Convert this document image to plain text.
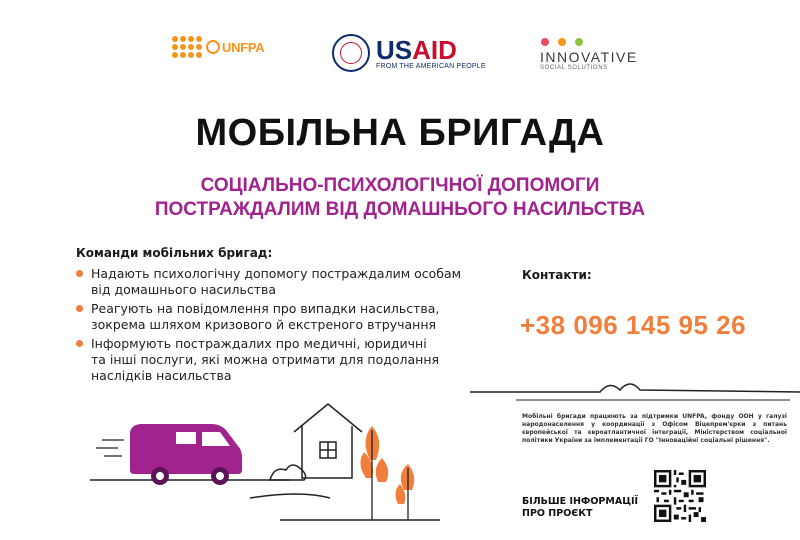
UNFPA	USAID
FROM THE AMERICAN PEOPLE
INNOVATIVE
SOCIAL SOLUTIONS
МОБІЛЬНА БРИГАДА
СОЦІАЛЬНО-ПСИХОЛОГІЧНОЇ ДОПОМОГИ
ПОСТРАЖДАЛИМ ВІД ДОМАШНЬОГО НАСИЛЬСТВА
Команди мобільних бригад:
Надають психологічну допомогу постраждалим особам
від домашнього насильства
Реагують на повідомлення про випадки насильства,
зокрема шляхом кризового й екстреного втручання
Інформують постраждалих про медичні, юридичні
та інші послуги, які можна отримати для подолання
наслідків насильства
Контакти:
+38 096 145 95 26
Мобільні бригади працюють за підтримки UNFPA, фонду ООН у галузі народонаселення у координації з Офісом Віцепрем'єрки з питань європейської та євроатлантичної інтеграції, Міністерством соціальної політики України за імплементації ГО "Інноваційні соціальні рішення".
БІЛЬШЕ ІНФОРМАЦІЇ
ПРО ПРОЄКТ
